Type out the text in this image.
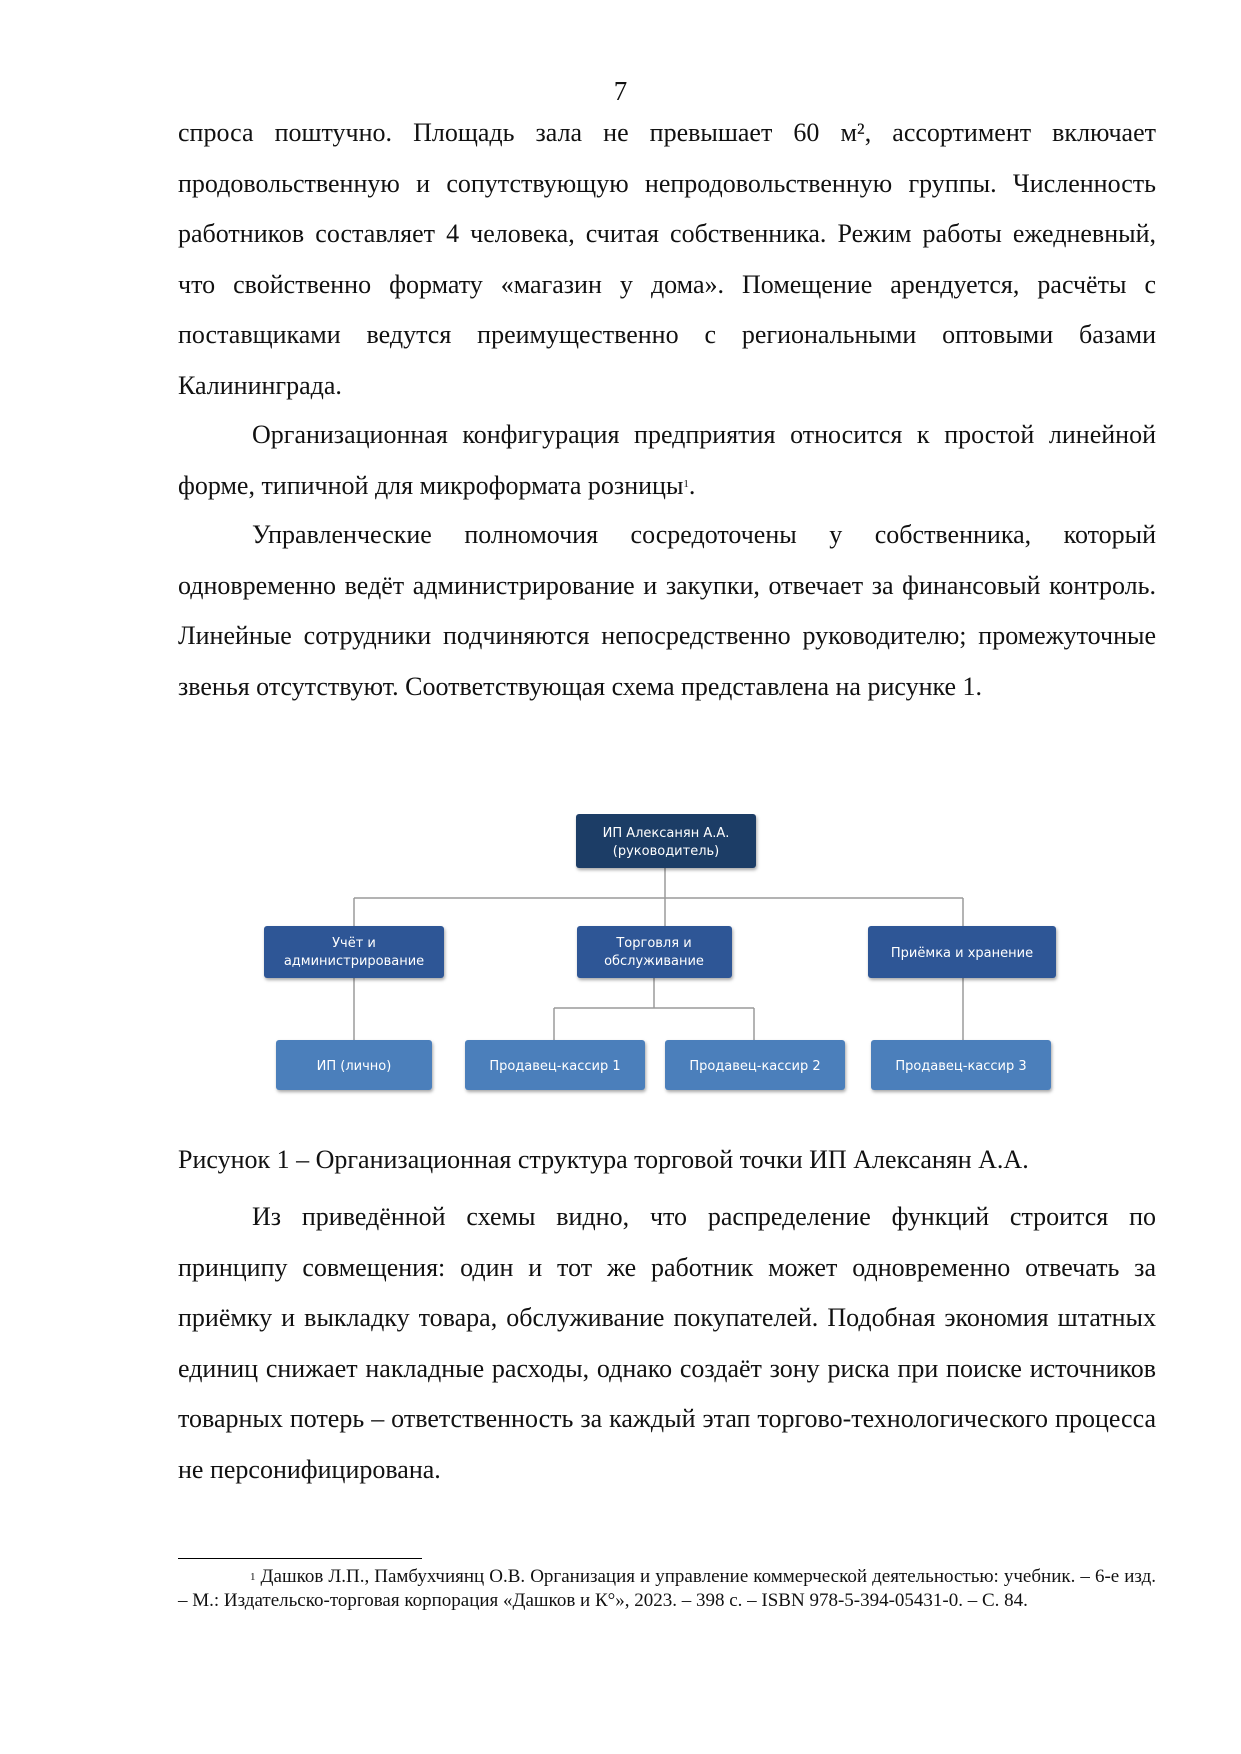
7

спроса поштучно. Площадь зала не превышает 60 м², ассортимент включает продовольственную и сопутствующую непродовольственную группы. Численность работников составляет 4 человека, считая собственника. Режим работы ежедневный, что свойственно формату «магазин у дома». Помещение арендуется, расчёты с поставщиками ведутся преимущественно с региональными оптовыми базами Калининграда.

Организационная конфигурация предприятия относится к простой линейной форме, типичной для микроформата розницы$^1$.

Управленческие полномочия сосредоточены у собственника, который одновременно ведёт администрирование и закупки, отвечает за финансовый контроль. Линейные сотрудники подчиняются непосредственно руководителю; промежуточные звенья отсутствуют. Соответствующая схема представлена на рисунке 1.

ИП Алексанян А.А.
(руководитель)
Учёт и
администрирование
Торговля и
обслуживание
Приёмка и хранение
ИП (лично)	Продавец-кассир 1	Продавец-кассир 2	Продавец-кассир 3

Рисунок 1 – Организационная структура торговой точки ИП Алексанян А.А.

Из приведённой схемы видно, что распределение функций строится по принципу совмещения: один и тот же работник может одновременно отвечать за приёмку и выкладку товара, обслуживание покупателей. Подобная экономия штатных единиц снижает накладные расходы, однако создаёт зону риска при поиске источников товарных потерь – ответственность за каждый этап торгово-технологического процесса не персонифицирована.

$^1$ Дашков Л.П., Памбухчиянц О.В. Организация и управление коммерческой деятельностью: учебник. – 6-е изд. – М.: Издательско-торговая корпорация «Дашков и К°», 2023. – 398 с. – ISBN 978-5-394-05431-0. – С. 84.
